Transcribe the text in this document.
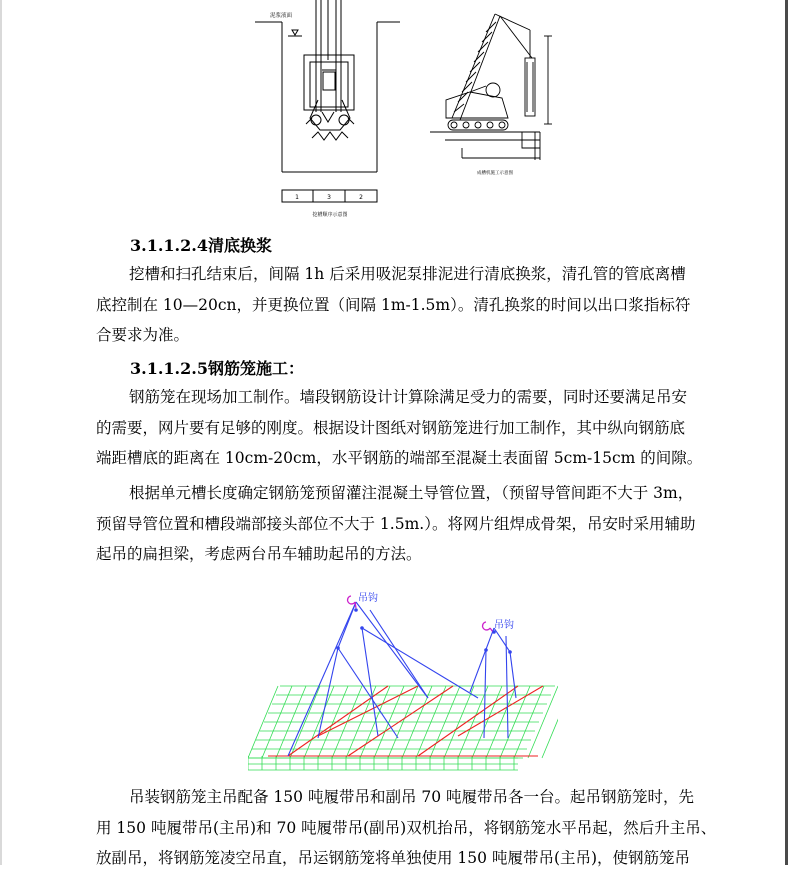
泥浆液面
1	3	2
挖槽顺序示意图
成槽机施工示意图
3.1.1.2.4清底换浆
挖槽和扫孔结束后，间隔 1h 后采用吸泥泵排泥进行清底换浆，清孔管的管底离槽
底控制在 10—20cn，并更换位置（间隔 1m-1.5m）。清孔换浆的时间以出口浆指标符
合要求为准。
3.1.1.2.5钢筋笼施工：
钢筋笼在现场加工制作。墙段钢筋设计计算除满足受力的需要，同时还要满足吊安
的需要，网片要有足够的刚度。根据设计图纸对钢筋笼进行加工制作，其中纵向钢筋底
端距槽底的距离在 10cm-20cm，水平钢筋的端部至混凝土表面留 5cm-15cm 的间隙。
根据单元槽长度确定钢筋笼预留灌注混凝土导管位置，（预留导管间距不大于 3m，
预留导管位置和槽段端部接头部位不大于 1.5m.）。将网片组焊成骨架，吊安时采用辅助
起吊的扁担梁，考虑两台吊车辅助起吊的方法。
吊钩
吊钩
吊装钢筋笼主吊配备 150 吨履带吊和副吊 70 吨履带吊各一台。起吊钢筋笼时，先
用 150 吨履带吊(主吊)和 70 吨履带吊(副吊)双机抬吊，将钢筋笼水平吊起，然后升主吊、
放副吊，将钢筋笼凌空吊直，吊运钢筋笼将单独使用 150 吨履带吊(主吊)，使钢筋笼吊
